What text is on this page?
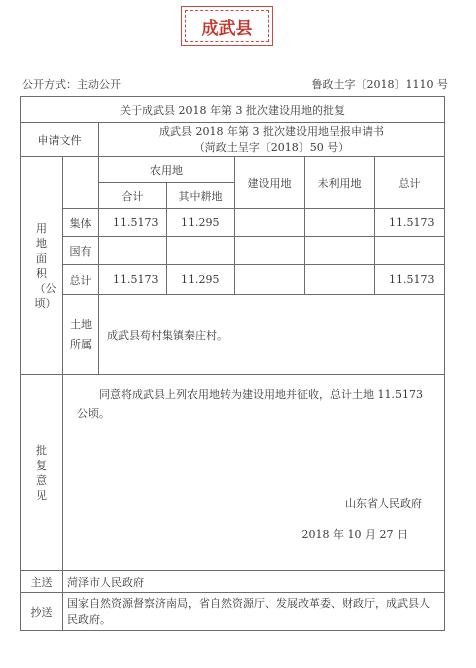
成武县
公开方式：主动公开	鲁政土字〔2018〕1110 号
关于成武县 2018 年第 3 批次建设用地的批复						
申请文件		成武县 2018 年第 3 批次建设用地呈报申请书
（菏政土呈字〔2018〕50 号）				

用地面积（公顷）		农用地		建设用地	未利用地	总计
		合计	其中耕地			
	集体	11.5173	11.295			11.5173
	国有					
	总计	11.5173	11.295			11.5173

	土地所属	成武县苟村集镇秦庄村。				

批复意见	同意将成武县上列农用地转为建设用地并征收，总计土地 11.5173 公顷。
山东省人民政府
2018 年 10 月 27 日					

主送	菏泽市人民政府					
抄送	国家自然资源督察济南局，省自然资源厅、发展改革委、财政厅，成武县人民政府。					
